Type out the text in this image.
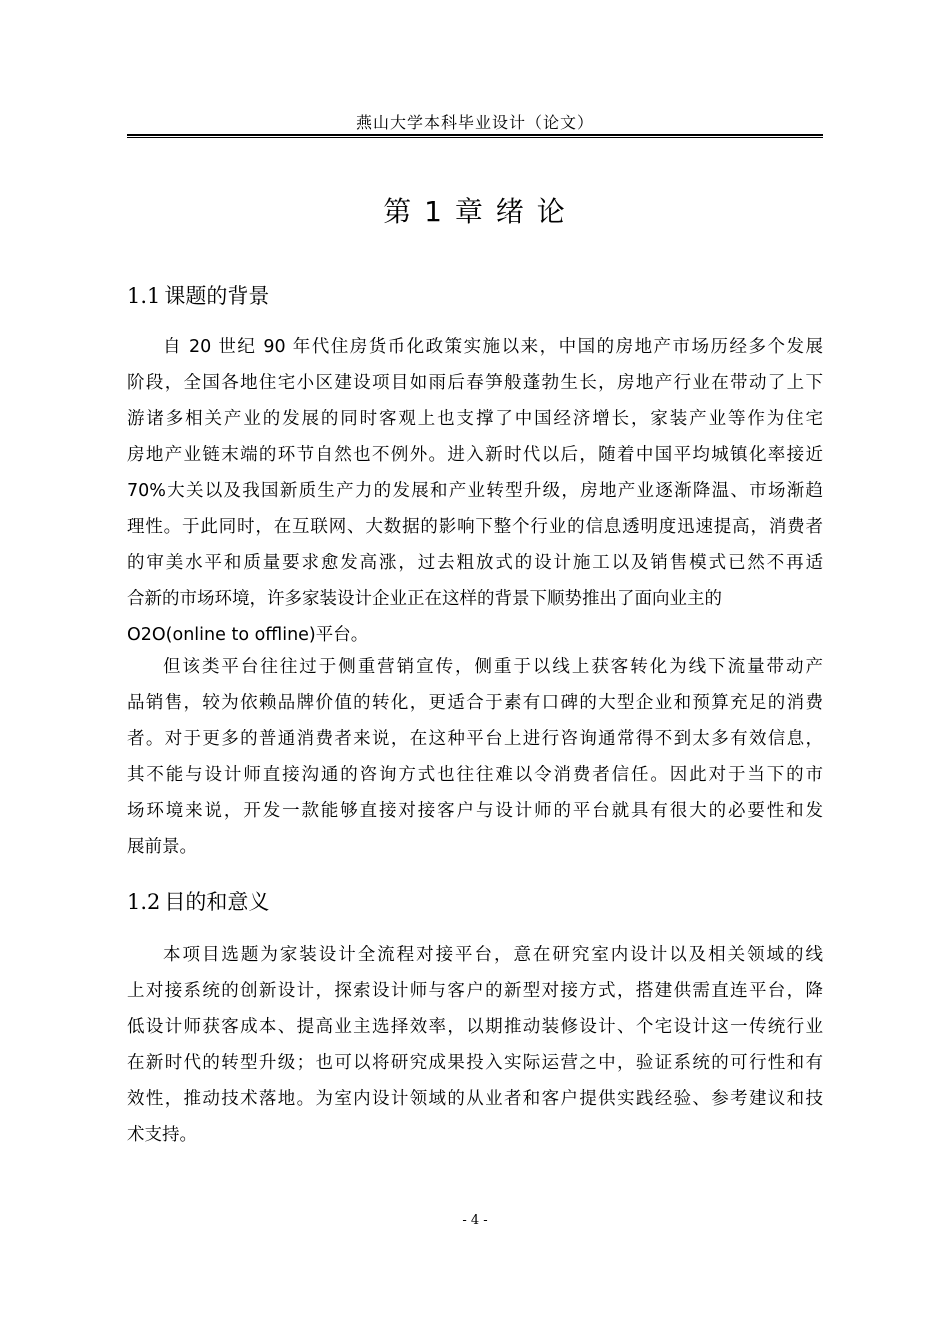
燕山大学本科毕业设计（论文）
第 1 章 绪 论
1.1 课题的背景
自 20 世纪 90 年代住房货币化政策实施以来，中国的房地产市场历经多个发展
阶段，全国各地住宅小区建设项目如雨后春笋般蓬勃生长，房地产行业在带动了上下
游诸多相关产业的发展的同时客观上也支撑了中国经济增长，家装产业等作为住宅
房地产业链末端的环节自然也不例外。进入新时代以后，随着中国平均城镇化率接近
70%大关以及我国新质生产力的发展和产业转型升级，房地产业逐渐降温、市场渐趋
理性。于此同时，在互联网、大数据的影响下整个行业的信息透明度迅速提高，消费者
的审美水平和质量要求愈发高涨，过去粗放式的设计施工以及销售模式已然不再适
合新的市场环境，许多家装设计企业正在这样的背景下顺势推出了面向业主的
O2O(online to offline)平台。
但该类平台往往过于侧重营销宣传，侧重于以线上获客转化为线下流量带动产
品销售，较为依赖品牌价值的转化，更适合于素有口碑的大型企业和预算充足的消费
者。对于更多的普通消费者来说，在这种平台上进行咨询通常得不到太多有效信息，
其不能与设计师直接沟通的咨询方式也往往难以令消费者信任。因此对于当下的市
场环境来说，开发一款能够直接对接客户与设计师的平台就具有很大的必要性和发
展前景。
1.2 目的和意义
本项目选题为家装设计全流程对接平台，意在研究室内设计以及相关领域的线
上对接系统的创新设计，探索设计师与客户的新型对接方式，搭建供需直连平台，降
低设计师获客成本、提高业主选择效率，以期推动装修设计、个宅设计这一传统行业
在新时代的转型升级；也可以将研究成果投入实际运营之中，验证系统的可行性和有
效性，推动技术落地。为室内设计领域的从业者和客户提供实践经验、参考建议和技
术支持。
- 4 -
